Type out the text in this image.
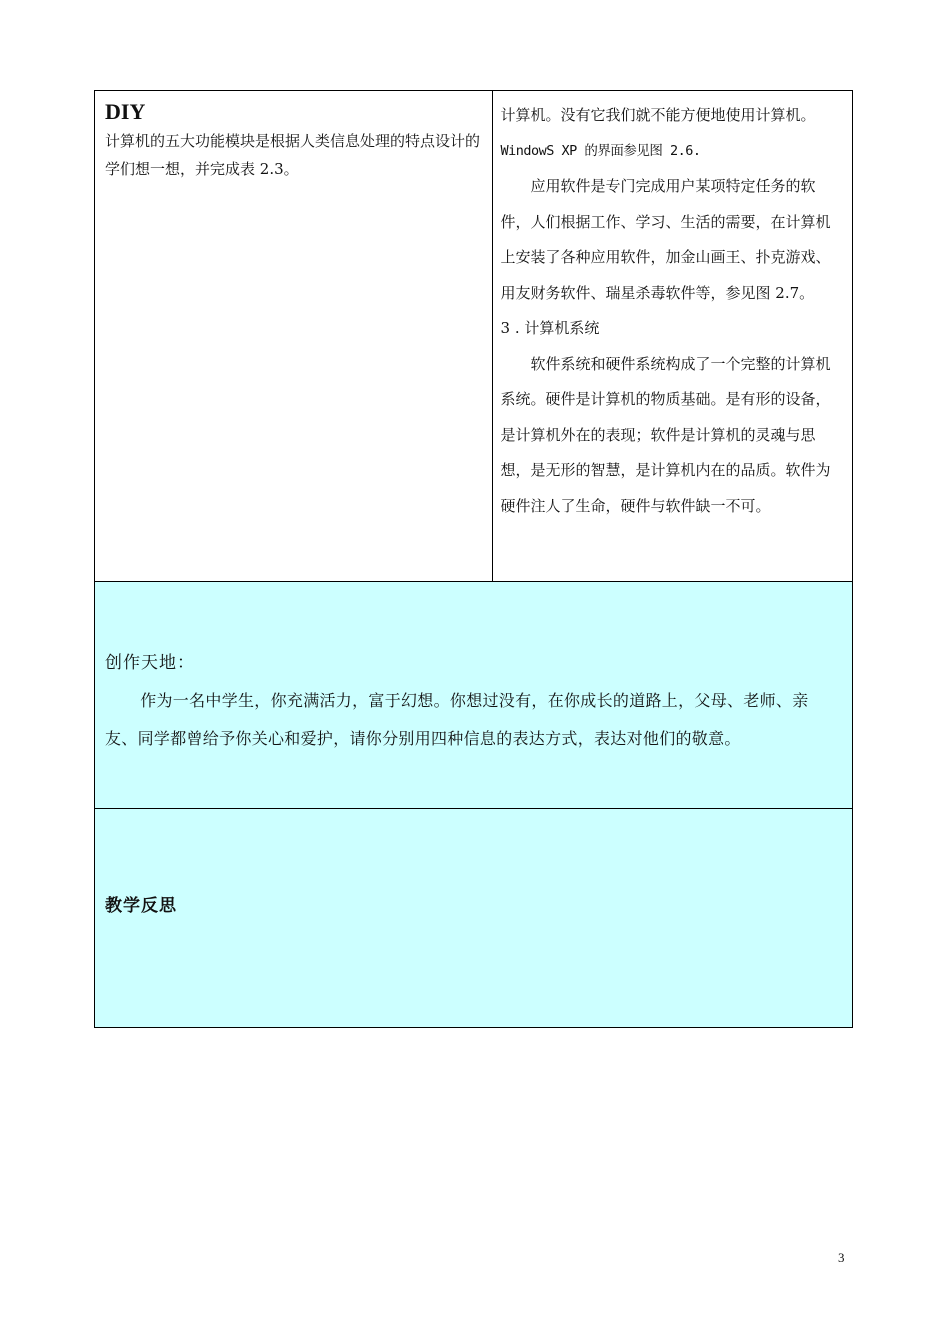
DIY
计算机的五大功能模块是根据人类信息处理的特点设计的学们想一想，并完成表 2.3。

计算机。没有它我们就不能方便地使用计算机。

WindowS XP 的界面参见图 2.6.

应用软件是专门完成用户某项特定任务的软件，人们根据工作、学习、生活的需要，在计算机上安装了各种应用软件，加金山画王、扑克游戏、用友财务软件、瑞星杀毒软件等，参见图 2.7。

3 . 计算机系统

软件系统和硬件系统构成了一个完整的计算机系统。硬件是计算机的物质基础。是有形的设备，是计算机外在的表现；软件是计算机的灵魂与思想，是无形的智慧，是计算机内在的品质。软件为硬件注人了生命，硬件与软件缺一不可。

创作天地：
作为一名中学生，你充满活力，富于幻想。你想过没有，在你成长的道路上，父母、老师、亲友、同学都曾给予你关心和爱护，请你分别用四种信息的表达方式，表达对他们的敬意。

教学反思
3
